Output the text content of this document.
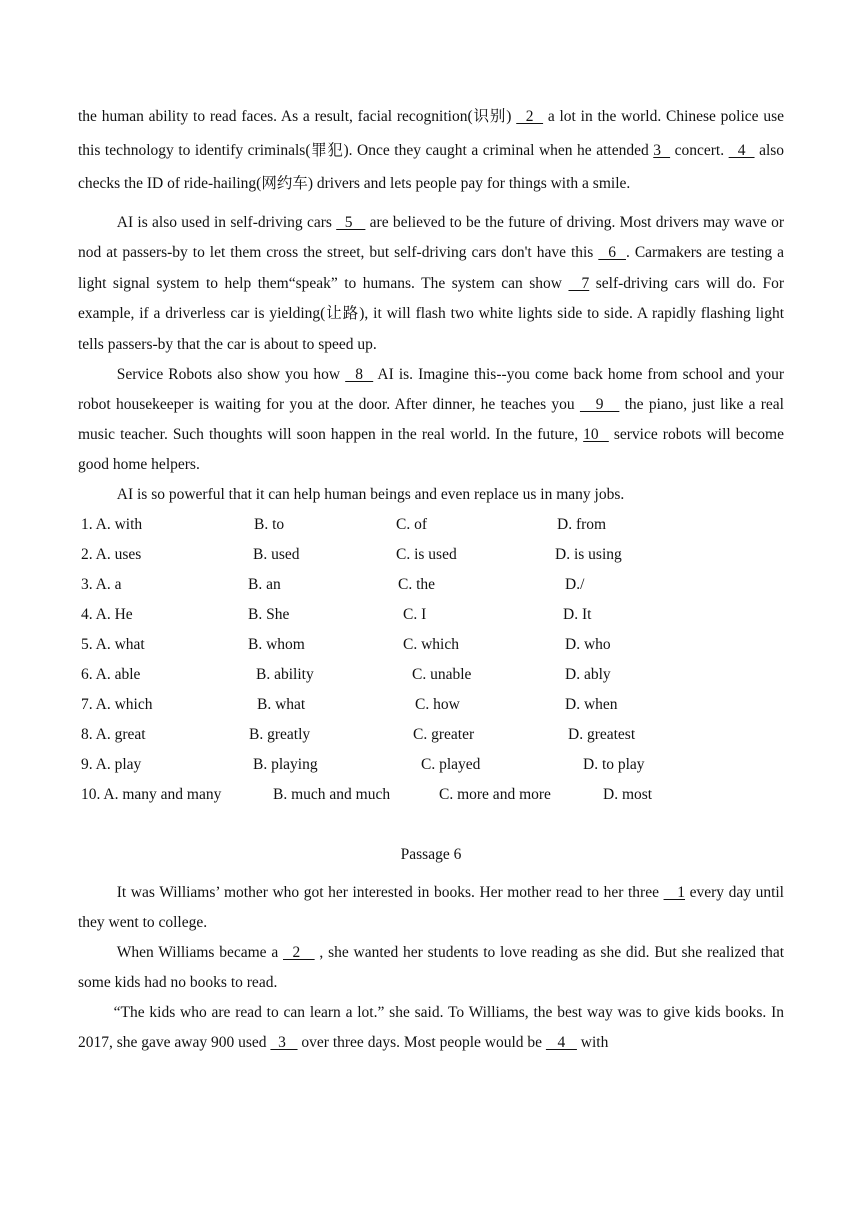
the human ability to read faces. As a result, facial recognition(识别)   2   a lot in the world. Chinese police use this technology to identify criminals(罪犯). Once they caught a criminal when he attended 3   concert.   4   also checks the ID of ride-hailing(网约车) drivers and lets people pay for things with a smile.

AI is also used in self-driving cars   5    are believed to be the future of driving. Most drivers may wave or nod at passers-by to let them cross the street, but self-driving cars don't have this   6  . Carmakers are testing a light signal system to help them“speak” to humans. The system can show   7 self-driving cars will do. For example, if a driverless car is yielding(让路), it will flash two white lights side to side. A rapidly flashing light tells passers-by that the car is about to speed up.

Service Robots also show you how   8   AI is. Imagine this--you come back home from school and your robot housekeeper is waiting for you at the door. After dinner, he teaches you    9    the piano, just like a real music teacher. Such thoughts will soon happen in the real world. In the future, 10   service robots will become good home helpers.

AI is so powerful that it can help human beings and even replace us in many jobs.

1. A. with	B. to	C. of	D. from
2. A. uses	B. used	C. is used	D. is using
3. A. a	B. an	C. the	D./
4. A. He	B. She	C. I	D. It
5. A. what	B. whom	C. which	D. who
6. A. able	B. ability	C. unable	D. ably
7. A. which	B. what	C. how	D. when
8. A. great	B. greatly	C. greater	D. greatest
9. A. play	B. playing	C. played	D. to play
10. A. many and many	B. much and much	C. more and more	D. most
Passage 6

It was Williams’ mother who got her interested in books. Her mother read to her three    1 every day until they went to college.

When Williams became a   2    , she wanted her students to love reading as she did. But she realized that some kids had no books to read.

“The kids who are read to can learn a lot.” she said. To Williams, the best way was to give kids books. In 2017, she gave away 900 used   3    over three days. Most people would be    4    with
